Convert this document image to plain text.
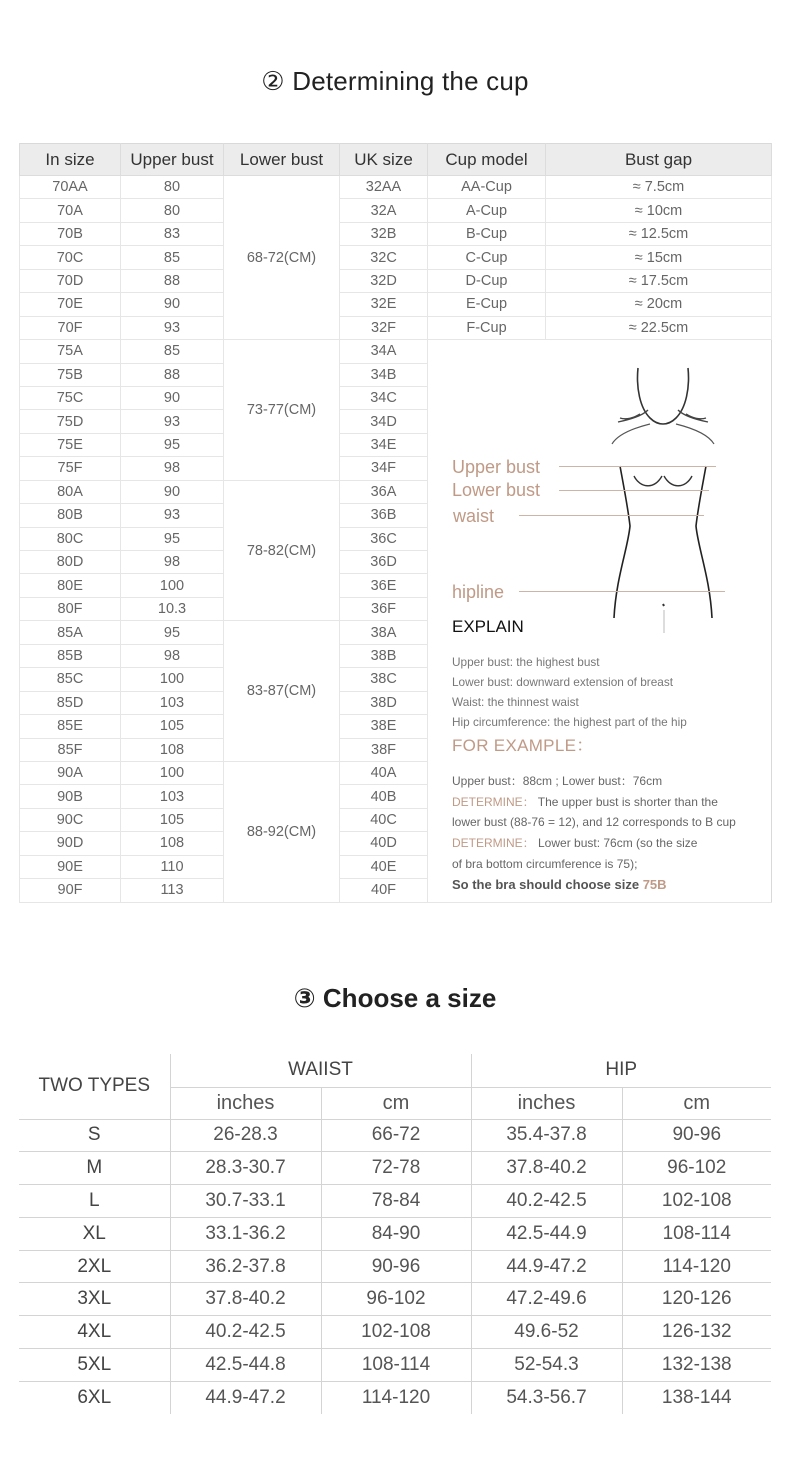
② Determining the cup
In size	Upper bust	Lower bust	UK size	Cup model	Bust gap
70AA	80	68-72(CM)	32AA	AA-Cup	≈ 7.5cm
70A	80		32A	A-Cup	≈ 10cm
70B	83		32B	B-Cup	≈ 12.5cm
70C	85		32C	C-Cup	≈ 15cm
70D	88		32D	D-Cup	≈ 17.5cm
70E	90		32E	E-Cup	≈ 20cm
70F	93		32F	F-Cup	≈ 22.5cm
75A	85	73-77(CM)	34A	
Upper bust
Lower bust
waist
hipline
EXPLAIN
Upper bust: the highest bust
Lower bust: downward extension of breast
Waist: the thinnest waist
Hip circumference: the highest part of the hip
FOR EXAMPLE：
Upper bust：88cm ; Lower bust：76cm
DETERMINE： The upper bust is shorter than the
lower bust (88-76 = 12), and 12 corresponds to B cup
DETERMINE： Lower bust: 76cm (so the size
of bra bottom circumference is 75);
So the bra should choose size 75B

75B	88		34B		
75C	90		34C		
75D	93		34D		
75E	95		34E		
75F	98		34F		
80A	90	78-82(CM)	36A		
80B	93		36B		
80C	95		36C		
80D	98		36D		
80E	100		36E		
80F	10.3		36F		
85A	95	83-87(CM)	38A		
85B	98		38B		
85C	100		38C		
85D	103		38D		
85E	105		38E		
85F	108		38F		
90A	100	88-92(CM)	40A		
90B	103		40B		
90C	105		40C		
90D	108		40D		
90E	110		40E		
90F	113		40F		
③ Choose a size
TWO TYPES	WAIIST		HIP	
	inches	cm	inches	cm
S	26-28.3	66-72	35.4-37.8	90-96
M	28.3-30.7	72-78	37.8-40.2	96-102
L	30.7-33.1	78-84	40.2-42.5	102-108
XL	33.1-36.2	84-90	42.5-44.9	108-114
2XL	36.2-37.8	90-96	44.9-47.2	114-120
3XL	37.8-40.2	96-102	47.2-49.6	120-126
4XL	40.2-42.5	102-108	49.6-52	126-132
5XL	42.5-44.8	108-114	52-54.3	132-138
6XL	44.9-47.2	114-120	54.3-56.7	138-144
